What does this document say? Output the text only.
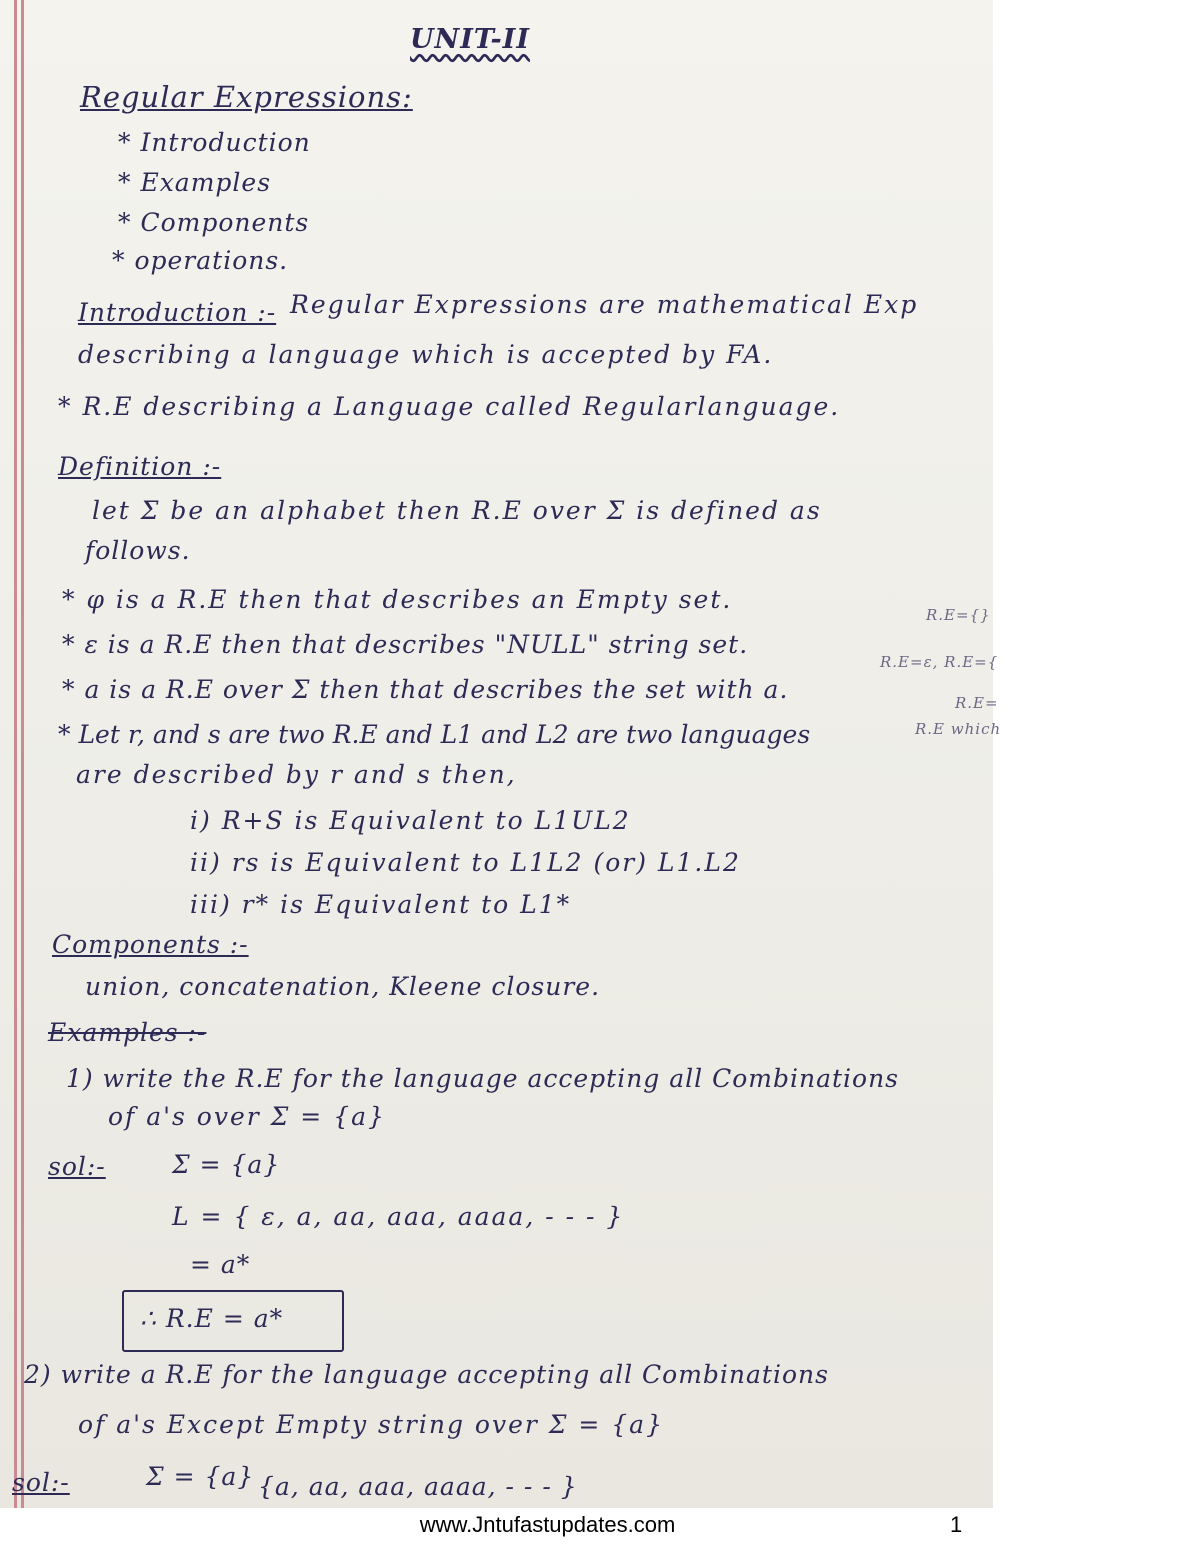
UNIT-II
Regular Expressions:
* Introduction
* Examples
* Components
* operations.
Introduction :- Regular Expressions are mathematical Exp
describing a language which is accepted by FA.
* R.E describing a Language called Regularlanguage.
Definition :-
let Σ be an alphabet then R.E over Σ is defined as
follows.
* φ is a R.E then that describes an Empty set.
R.E={}
* ε is a R.E then that describes "NULL" string set.
R.E=ε, R.E={
* a is a R.E over Σ then that describes the set with a.	R.E=
* Let r, and s are two R.E and L1 and L2 are two languages	R.E which
are described by r and s then,
i) R+S is Equivalent to L1UL2
ii) rs is Equivalent to L1L2 (or) L1.L2
iii) r* is Equivalent to L1*
Components :-
union, concatenation, Kleene closure.
Examples :-
1) write the R.E for the language accepting all Combinations
of a's over Σ = {a}
sol:-	Σ = {a}
L = { ε, a, aa, aaa, aaaa, - - - }
= a*
∴ R.E = a*
2) write a R.E for the language accepting all Combinations
of a's Except Empty string over Σ = {a}
sol:-	Σ = {a} {a, aa, aaa, aaaa, - - - }
www.Jntufastupdates.com	1
